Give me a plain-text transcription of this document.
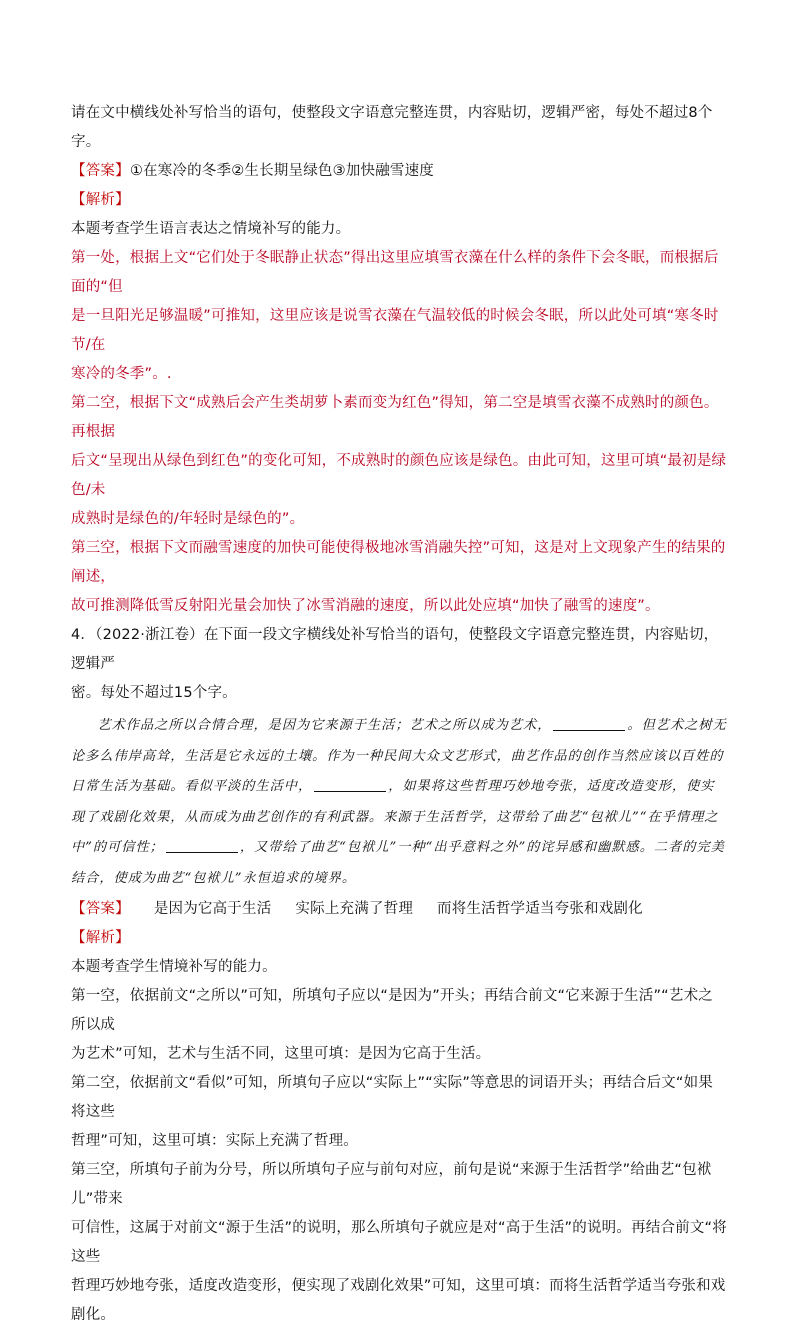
请在文中横线处补写恰当的语句，使整段文字语意完整连贯，内容贴切，逻辑严密，每处不超过8个字。

【答案】①在寒冷的冬季②生长期呈绿色③加快融雪速度

【解析】

本题考查学生语言表达之情境补写的能力。

第一处，根据上文“它们处于冬眠静止状态”得出这里应填雪衣藻在什么样的条件下会冬眠，而根据后面的“但

是一旦阳光足够温暖”可推知，这里应该是说雪衣藻在气温较低的时候会冬眠，所以此处可填“寒冬时节/在

寒冷的冬季”。.

第二空，根据下文“成熟后会产生类胡萝卜素而变为红色”得知，第二空是填雪衣藻不成熟时的颜色。再根据

后文“呈现出从绿色到红色”的变化可知，不成熟时的颜色应该是绿色。由此可知，这里可填“最初是绿色/未

成熟时是绿色的/年轻时是绿色的”。

第三空，根据下文而融雪速度的加快可能使得极地冰雪消融失控”可知，这是对上文现象产生的结果的阐述，

故可推测降低雪反射阳光量会加快了冰雪消融的速度，所以此处应填“加快了融雪的速度”。

4．（2022·浙江卷）在下面一段文字横线处补写恰当的语句，使整段文字语意完整连贯，内容贴切，逻辑严

密。每处不超过15个字。

艺术作品之所以合情合理，是因为它来源于生活；艺术之所以成为艺术，	。但艺术之树无论多么伟岸高耸，生活是它永远的土壤。作为一种民间大众文艺形式，曲艺作品的创作当然应该以百姓的日常生活为基础。看似平淡的生活中，	，如果将这些哲理巧妙地夸张，适度改造变形，使实现了戏剧化效果，从而成为曲艺创作的有利武器。来源于生活哲学，这带给了曲艺“包袱儿”“在乎情理之中”的可信性；	，又带给了曲艺“包袱儿”一种“出乎意料之外”的诧异感和幽默感。二者的完美结合，使成为曲艺“包袱儿”永恒追求的境界。

【答案】 是因为它高于生活 实际上充满了哲理 而将生活哲学适当夸张和戏剧化

【解析】

本题考查学生情境补写的能力。

第一空，依据前文“之所以”可知，所填句子应以“是因为”开头；再结合前文“它来源于生活”“艺术之所以成

为艺术”可知，艺术与生活不同，这里可填：是因为它高于生活。

第二空，依据前文“看似”可知，所填句子应以“实际上”“实际”等意思的词语开头；再结合后文“如果将这些

哲理”可知，这里可填：实际上充满了哲理。

第三空，所填句子前为分号，所以所填句子应与前句对应，前句是说“来源于生活哲学”给曲艺“包袱儿”带来

可信性，这属于对前文“源于生活”的说明，那么所填句子就应是对“高于生活”的说明。再结合前文“将这些

哲理巧妙地夸张，适度改造变形，便实现了戏剧化效果”可知，这里可填：而将生活哲学适当夸张和戏剧化。
